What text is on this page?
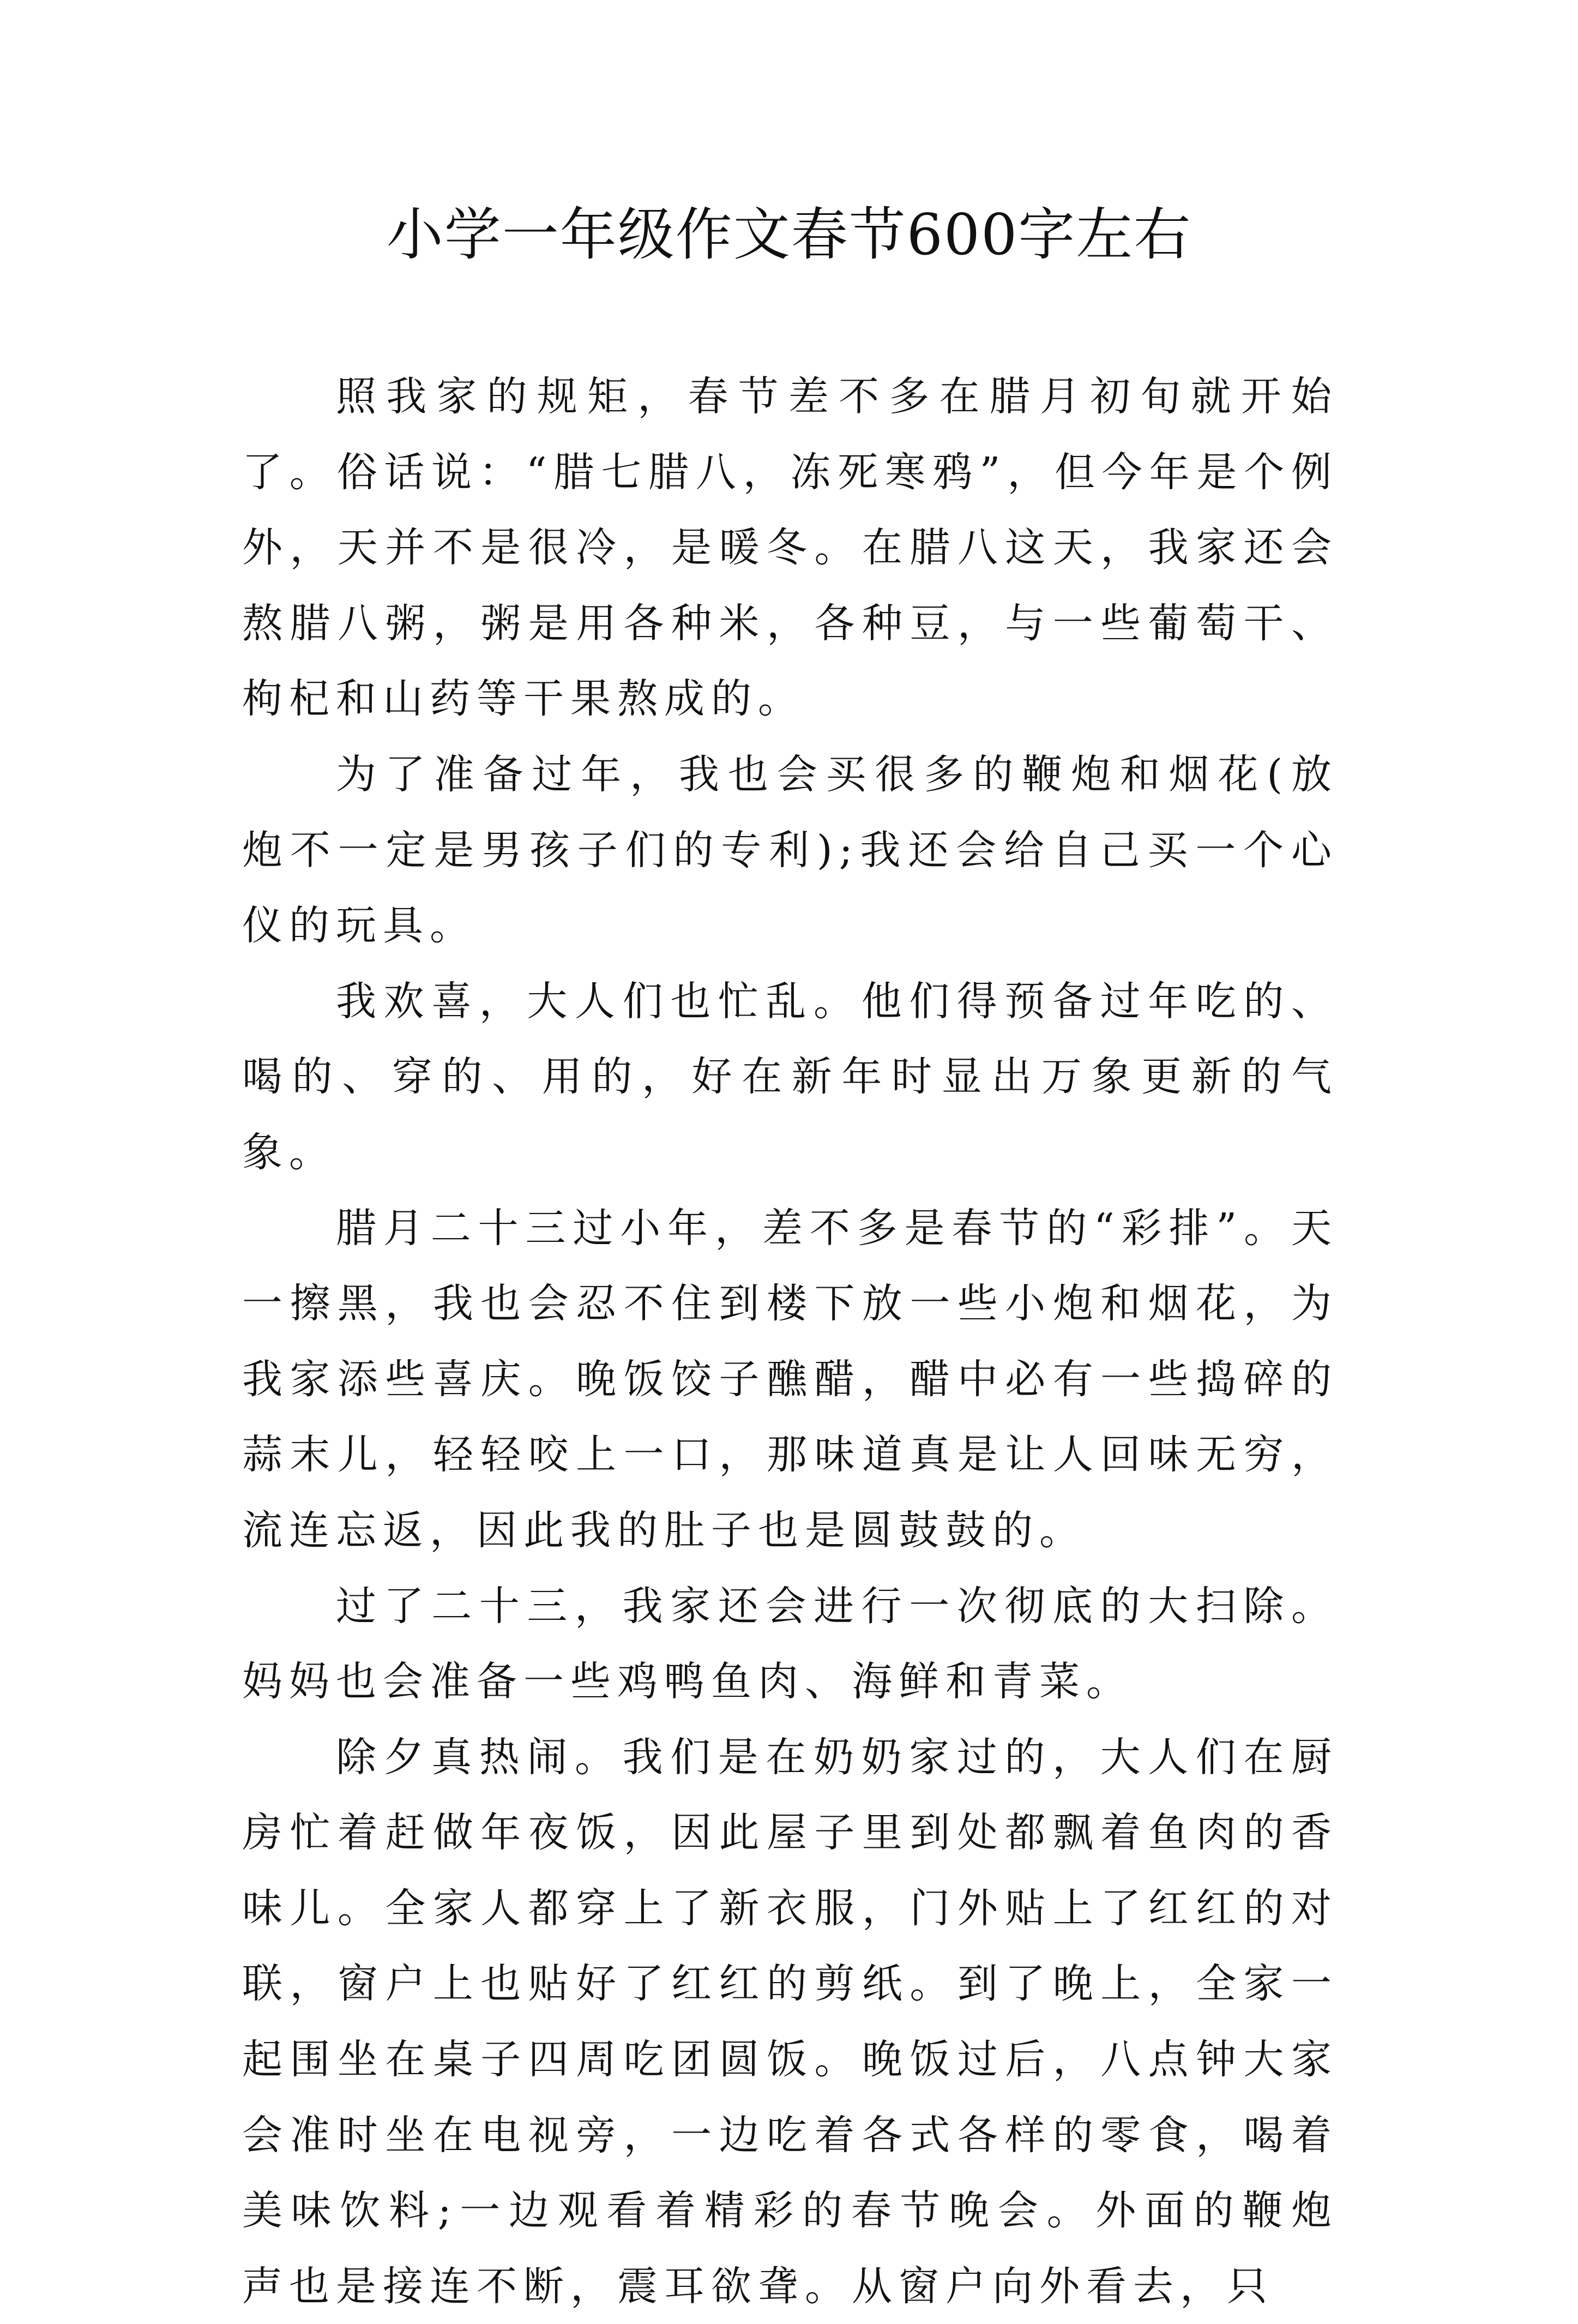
小学一年级作文春节600字左右

照我家的规矩，春节差不多在腊月初旬就开始了。俗话说：“腊七腊八，冻死寒鸦”，但今年是个例外，天并不是很冷，是暖冬。在腊八这天，我家还会熬腊八粥，粥是用各种米，各种豆，与一些葡萄干、枸杞和山药等干果熬成的。

为了准备过年，我也会买很多的鞭炮和烟花(放炮不一定是男孩子们的专利);我还会给自己买一个心仪的玩具。

我欢喜，大人们也忙乱。他们得预备过年吃的、喝的、穿的、用的，好在新年时显出万象更新的气象。

腊月二十三过小年，差不多是春节的“彩排”。天一擦黑，我也会忍不住到楼下放一些小炮和烟花，为我家添些喜庆。晚饭饺子醮醋，醋中必有一些捣碎的蒜末儿，轻轻咬上一口，那味道真是让人回味无穷，流连忘返，因此我的肚子也是圆鼓鼓的。

过了二十三，我家还会进行一次彻底的大扫除。妈妈也会准备一些鸡鸭鱼肉、海鲜和青菜。

除夕真热闹。我们是在奶奶家过的，大人们在厨房忙着赶做年夜饭，因此屋子里到处都飘着鱼肉的香味儿。全家人都穿上了新衣服，门外贴上了红红的对联，窗户上也贴好了红红的剪纸。到了晚上，全家一起围坐在桌子四周吃团圆饭。晚饭过后，八点钟大家会准时坐在电视旁，一边吃着各式各样的零食，喝着美味饮料;一边观看着精彩的春节晚会。外面的鞭炮声也是接连不断，震耳欲聋。从窗户向外看去，只
